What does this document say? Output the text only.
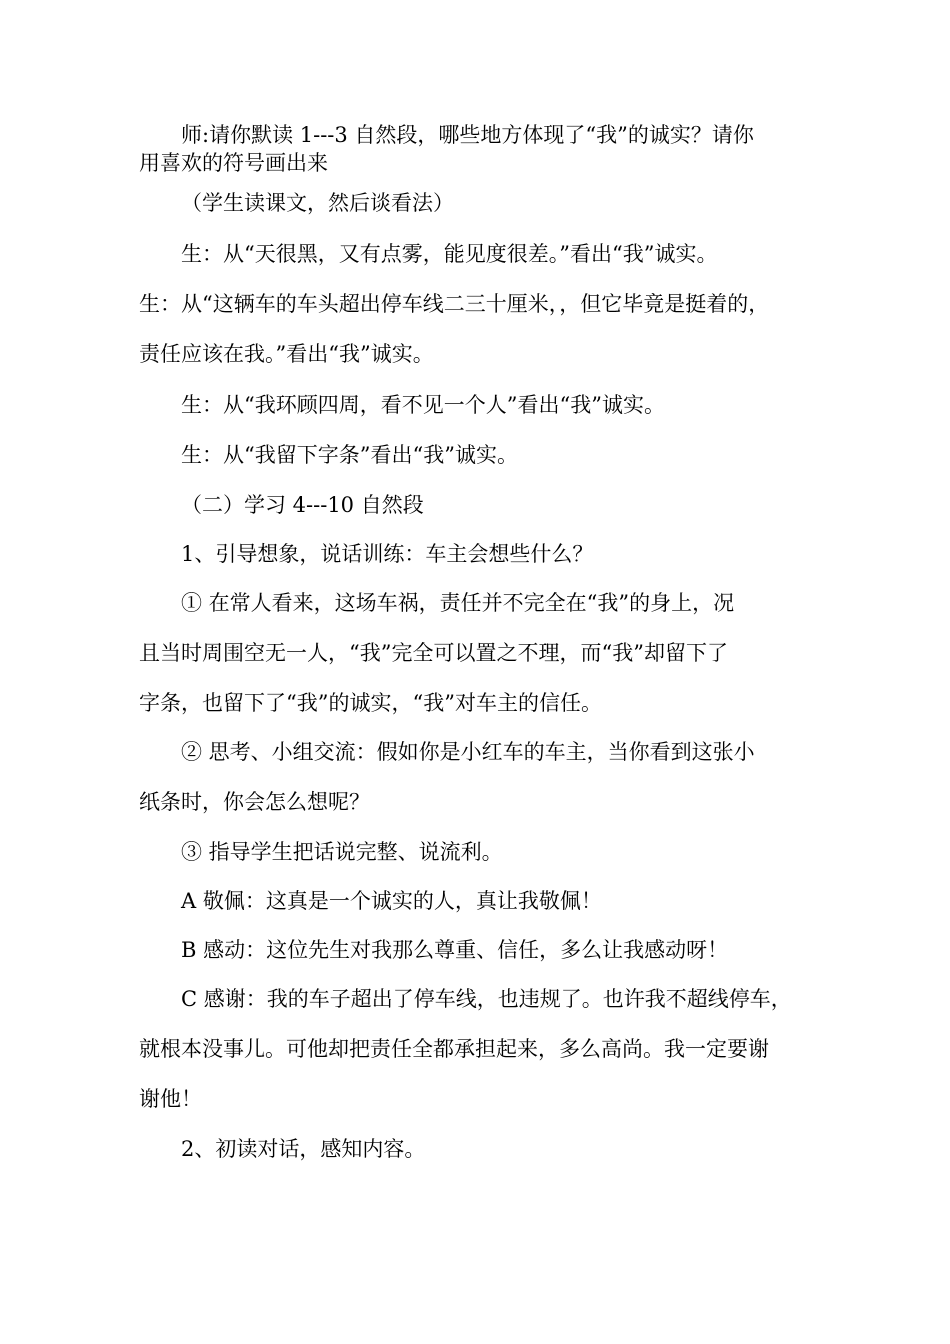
师:请你默读 1---3 自然段，哪些地方体现了“我”的诚实？请你
用喜欢的符号画出来

（学生读课文，然后谈看法）

生：从“天很黑，又有点雾，能见度很差。”看出“我”诚实。

生：从“这辆车的车头超出停车线二三十厘米，，但它毕竟是挺着的，
责任应该在我。”看出“我”诚实。

生：从“我环顾四周，看不见一个人”看出“我”诚实。

生：从“我留下字条”看出“我”诚实。

（二）学习 4---10 自然段

1、引导想象，说话训练：车主会想些什么？

① 在常人看来，这场车祸，责任并不完全在“我”的身上，况
且当时周围空无一人，“我”完全可以置之不理，而“我”却留下了
字条，也留下了“我”的诚实，“我”对车主的信任。

② 思考、小组交流：假如你是小红车的车主，当你看到这张小
纸条时，你会怎么想呢？

③ 指导学生把话说完整、说流利。

A 敬佩：这真是一个诚实的人，真让我敬佩！

B 感动：这位先生对我那么尊重、信任，多么让我感动呀！

C 感谢：我的车子超出了停车线，也违规了。也许我不超线停车，
就根本没事儿。可他却把责任全都承担起来，多么高尚。我一定要谢
谢他！

2、初读对话，感知内容。
